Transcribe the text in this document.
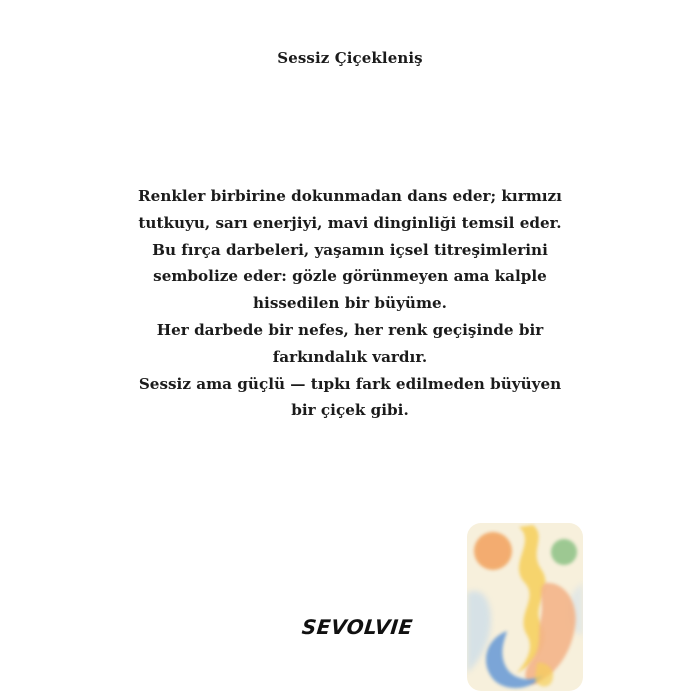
Sessiz Çiçekleniş
Renkler birbirine dokunmadan dans eder; kırmızı
tutkuyu, sarı enerjiyi, mavi dinginliği temsil eder.
Bu fırça darbeleri, yaşamın içsel titreşimlerini
sembolize eder: gözle görünmeyen ama kalple
hissedilen bir büyüme.
Her darbede bir nefes, her renk geçişinde bir
farkındalık vardır.
Sessiz ama güçlü — tıpkı fark edilmeden büyüyen
bir çiçek gibi.
SEVOLVIE
